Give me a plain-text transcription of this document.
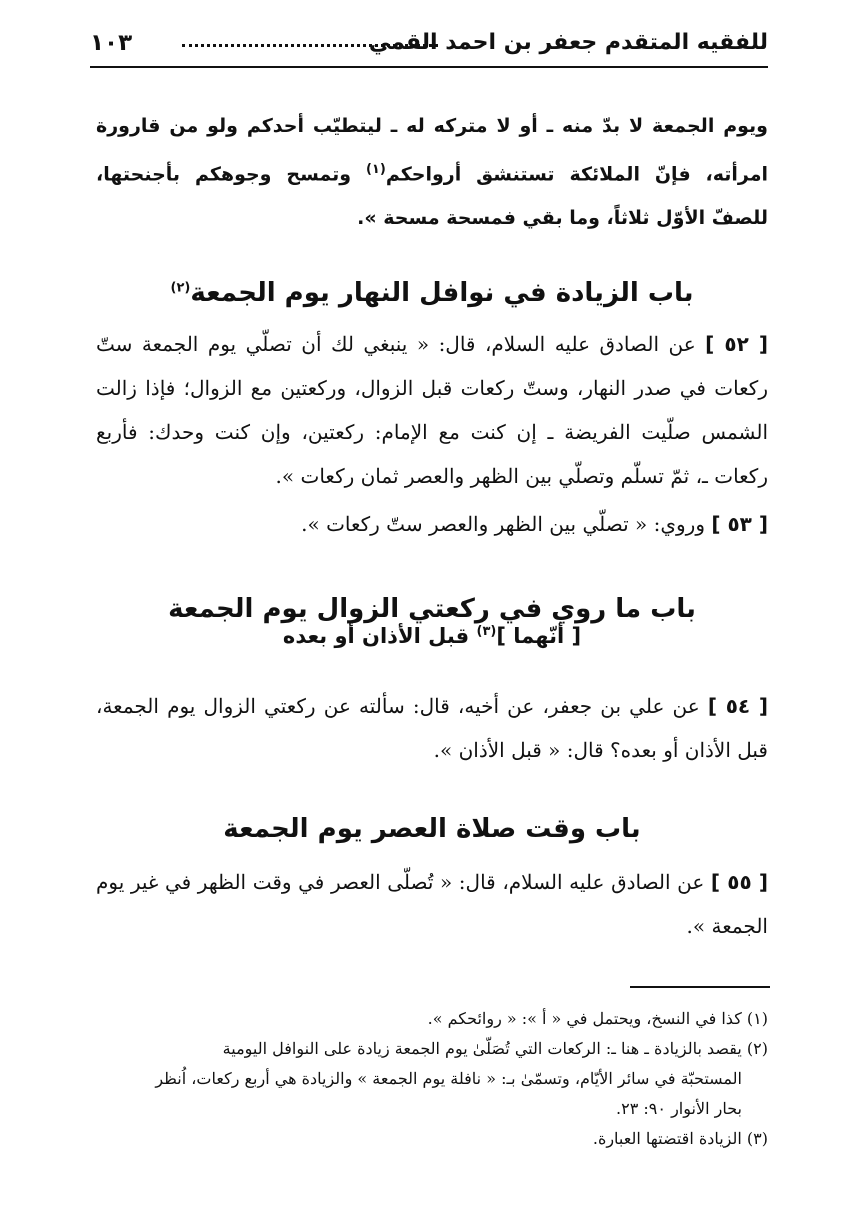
للفقيه المتقدم جعفر بن احمد القمي
١٠٣
ويوم الجمعة لا بدّ منه ـ أو لا متركه له ـ ليتطيّب أحدكم ولو من قارورة امرأته، فإنّ الملائكة تستنشق أرواحكم$^{(١)}$ وتمسح وجوهكم بأجنحتها، للصفّ الأوّل ثلاثاً، وما بقي فمسحة مسحة ».
باب الزيادة في نوافل النهار يوم الجمعة$^{(٢)}$
[ ٥٢ ] عن الصادق عليه السلام، قال: « ينبغي لك أن تصلّي يوم الجمعة ستّ ركعات في صدر النهار، وستّ ركعات قبل الزوال، وركعتين مع الزوال؛ فإذا زالت الشمس صلّيت الفريضة ـ إن كنت مع الإمام: ركعتين، وإن كنت وحدك: فأربع ركعات ـ، ثمّ تسلّم وتصلّي بين الظهر والعصر ثمان ركعات ».
[ ٥٣ ] وروي: « تصلّي بين الظهر والعصر ستّ ركعات ».
باب ما روي في ركعتي الزوال يوم الجمعة
[ أنّهما ]$^{(٣)}$ قبل الأذان أو بعده
[ ٥٤ ] عن علي بن جعفر، عن أخيه، قال: سألته عن ركعتي الزوال يوم الجمعة، قبل الأذان أو بعده؟ قال: « قبل الأذان ».
باب وقت صلاة العصر يوم الجمعة
[ ٥٥ ] عن الصادق عليه السلام، قال: « تُصلّى العصر في وقت الظهر في غير يوم الجمعة ».
(١) كذا في النسخ، ويحتمل في « أ »: « روائحكم ».
(٢) يقصد بالزيادة ـ هنا ـ: الركعات التي تُصَلّىٰ يوم الجمعة زيادة على النوافل اليومية
المستحبّة في سائر الأيّام، وتسمّىٰ بـ: « نافلة يوم الجمعة » والزيادة هي أربع ركعات، اُنظر
بحار الأنوار ٩٠: ٢٣.
(٣) الزيادة اقتضتها العبارة.
